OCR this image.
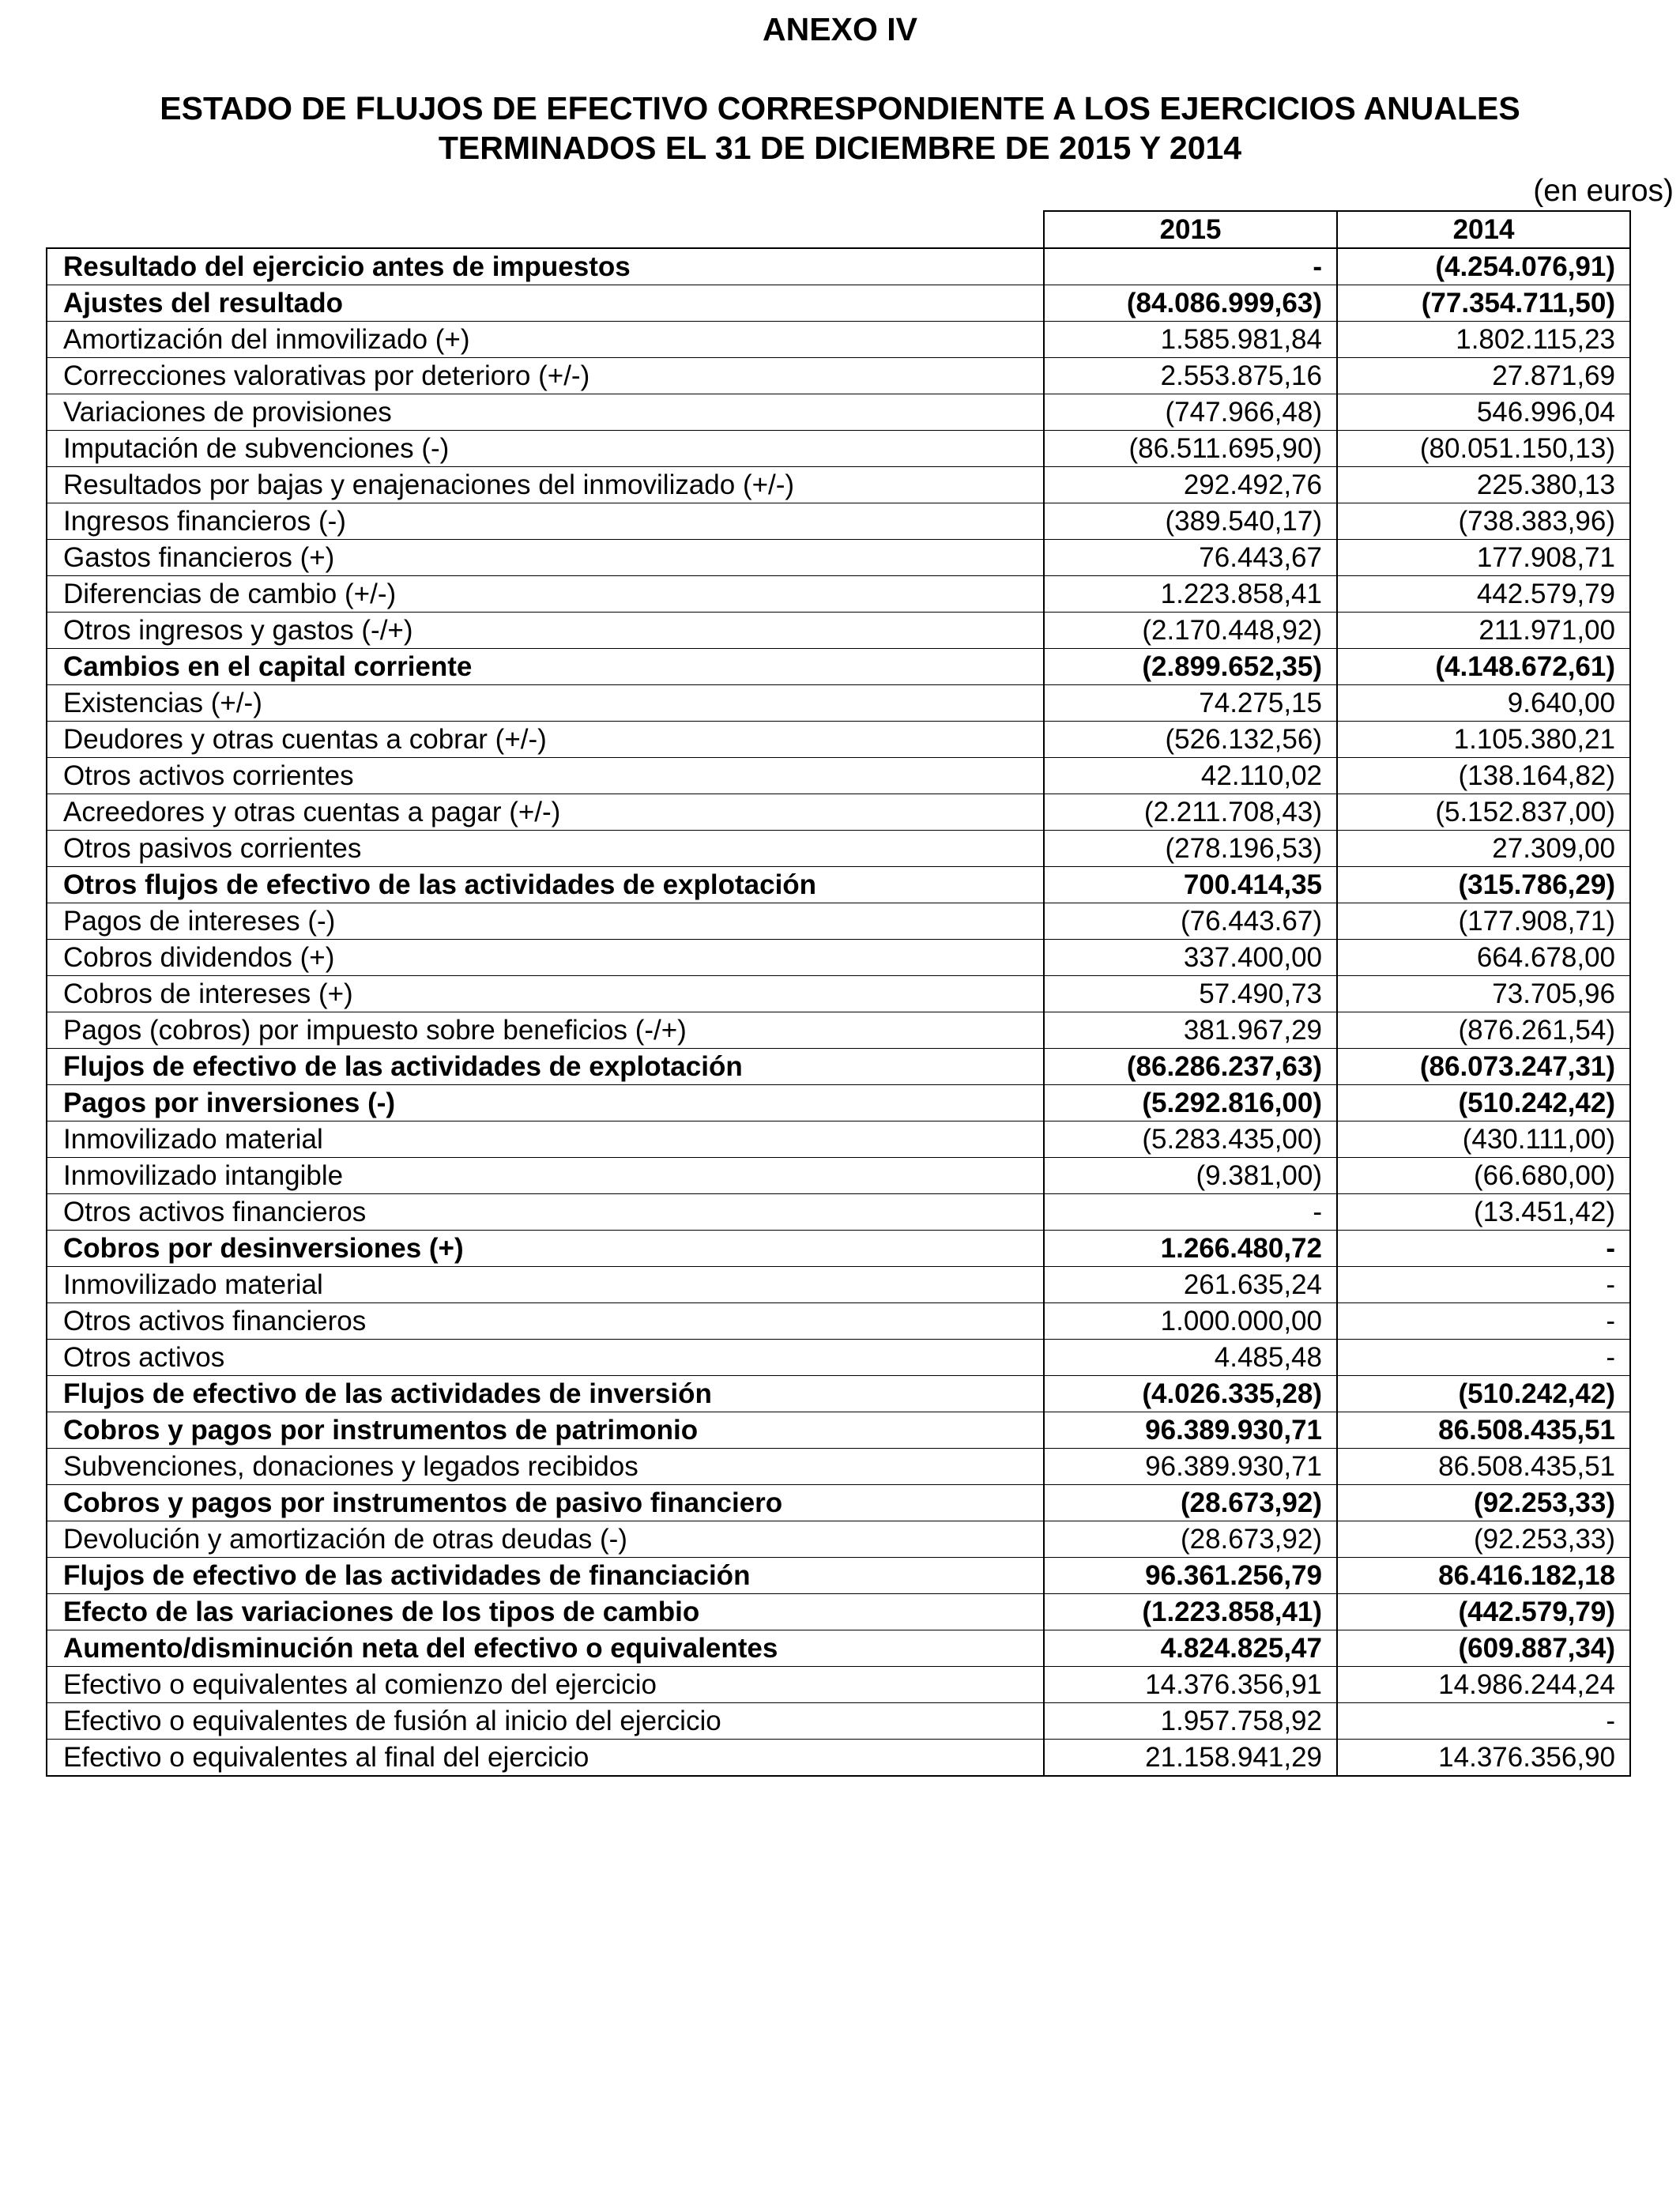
ANEXO IV
ESTADO DE FLUJOS DE EFECTIVO CORRESPONDIENTE A LOS EJERCICIOS ANUALES
TERMINADOS EL 31 DE DICIEMBRE DE 2015 Y 2014
(en euros)
	2015	2014
Resultado del ejercicio antes de impuestos	-	(4.254.076,91)
Ajustes del resultado	(84.086.999,63)	(77.354.711,50)
Amortización del inmovilizado (+)	1.585.981,84	1.802.115,23
Correcciones valorativas por deterioro (+/-)	2.553.875,16	27.871,69
Variaciones de provisiones	(747.966,48)	546.996,04
Imputación de subvenciones (-)	(86.511.695,90)	(80.051.150,13)
Resultados por bajas y enajenaciones del inmovilizado (+/-)	292.492,76	225.380,13
Ingresos financieros (-)	(389.540,17)	(738.383,96)
Gastos financieros (+)	76.443,67	177.908,71
Diferencias de cambio (+/-)	1.223.858,41	442.579,79
Otros ingresos y gastos (-/+)	(2.170.448,92)	211.971,00
Cambios en el capital corriente	(2.899.652,35)	(4.148.672,61)
Existencias (+/-)	74.275,15	9.640,00
Deudores y otras cuentas a cobrar (+/-)	(526.132,56)	1.105.380,21
Otros activos corrientes	42.110,02	(138.164,82)
Acreedores y otras cuentas a pagar (+/-)	(2.211.708,43)	(5.152.837,00)
Otros pasivos corrientes	(278.196,53)	27.309,00
Otros flujos de efectivo de las actividades de explotación	700.414,35	(315.786,29)
Pagos de intereses (-)	(76.443.67)	(177.908,71)
Cobros dividendos (+)	337.400,00	664.678,00
Cobros de intereses (+)	57.490,73	73.705,96
Pagos (cobros) por impuesto sobre beneficios (-/+)	381.967,29	(876.261,54)
Flujos de efectivo de las actividades de explotación	(86.286.237,63)	(86.073.247,31)
Pagos por inversiones (-)	(5.292.816,00)	(510.242,42)
Inmovilizado material	(5.283.435,00)	(430.111,00)
Inmovilizado intangible	(9.381,00)	(66.680,00)
Otros activos financieros	-	(13.451,42)
Cobros por desinversiones (+)	1.266.480,72	-
Inmovilizado material	261.635,24	-
Otros activos financieros	1.000.000,00	-
Otros activos	4.485,48	-
Flujos de efectivo de las actividades de inversión	(4.026.335,28)	(510.242,42)
Cobros y pagos por instrumentos de patrimonio	96.389.930,71	86.508.435,51
Subvenciones, donaciones y legados recibidos	96.389.930,71	86.508.435,51
Cobros y pagos por instrumentos de pasivo financiero	(28.673,92)	(92.253,33)
Devolución y amortización de otras deudas (-)	(28.673,92)	(92.253,33)
Flujos de efectivo de las actividades de financiación	96.361.256,79	86.416.182,18
Efecto de las variaciones de los tipos de cambio	(1.223.858,41)	(442.579,79)
Aumento/disminución neta del efectivo o equivalentes	4.824.825,47	(609.887,34)
Efectivo o equivalentes al comienzo del ejercicio	14.376.356,91	14.986.244,24
Efectivo o equivalentes de fusión al inicio del ejercicio	1.957.758,92	-
Efectivo o equivalentes al final del ejercicio	21.158.941,29	14.376.356,90
